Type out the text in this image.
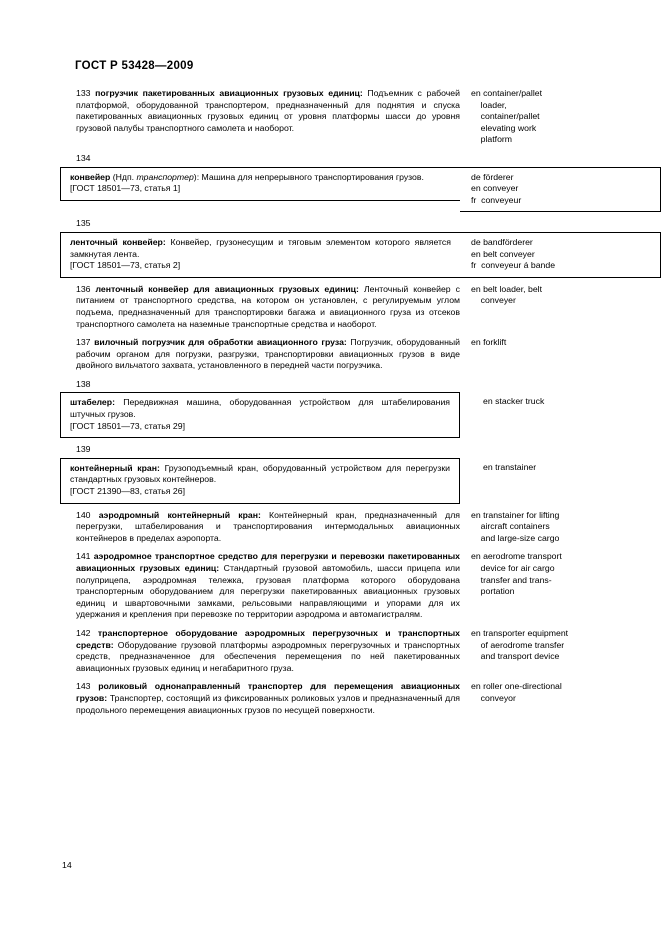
ГОСТ Р 53428—2009
133 погрузчик пакетированных авиационных грузовых единиц: Подъемник с рабочей платформой, оборудованной транспортером, предназначенный для поднятия и спуска пакетированных авиационных грузовых единиц от уровня платформы шасси до уровня грузовой палубы транспортного самолета и наоборот.
en container/pallet
loader,
container/pallet
elevating work
platform
134
конвейер (Ндп. транспортер): Машина для непрерывного транспортирования грузов.
[ГОСТ 18501—73, статья 1]
de förderer
en conveyer
fr  conveyeur
135
ленточный конвейер: Конвейер, грузонесущим и тяговым элементом которого является замкнутая лента.
[ГОСТ 18501—73, статья 2]
de bandförderer
en belt conveyer
fr  conveyeur á bande
136 ленточный конвейер для авиационных грузовых единиц: Ленточный конвейер с питанием от транспортного средства, на котором он установлен, с регулируемым углом подъема, предназначенный для транспортировки багажа и авиационного груза из отсеков транспортного самолета на наземные транспортные средства и наоборот.
en belt loader, belt
conveyer
137 вилочный погрузчик для обработки авиационного груза: Погрузчик, оборудованный рабочим органом для погрузки, разгрузки, транспортировки авиационных грузов в виде двойного вильчатого захвата, установленного в передней части погрузчика.
en forklift
138
штабелер: Передвижная машина, оборудованная устройством для штабелирования штучных грузов.
[ГОСТ 18501—73, статья 29]
en stacker truck
139
контейнерный кран: Грузоподъемный кран, оборудованный устройством для перегрузки стандартных грузовых контейнеров.
[ГОСТ 21390—83, статья 26]
en transtainer
140 аэродромный контейнерный кран: Контейнерный кран, предназначенный для перегрузки, штабелирования и транспортирования интермодальных авиационных контейнеров в пределах аэропорта.
en transtainer for lifting
aircraft containers
and large-size cargo
141 аэродромное транспортное средство для перегрузки и перевозки пакетированных авиационных грузовых единиц: Стандартный грузовой автомобиль, шасси прицепа или полуприцепа, аэродромная тележка, грузовая платформа которого оборудована транспортерным оборудованием для перегрузки пакетированных авиационных грузовых единиц и швартовочными замками, рельсовыми направляющими и упорами для их удержания и крепления при перевозке по территории аэродрома и автомагистралям.
en aerodrome transport
device for air cargo
transfer and trans-
portation
142 транспортерное оборудование аэродромных перегрузочных и транспортных средств: Оборудование грузовой платформы аэродромных перегрузочных и транспортных средств, предназначенное для обеспечения перемещения по ней пакетированных авиационных грузовых единиц и негабаритного груза.
en transporter equipment
of aerodrome transfer
and transport device
143 роликовый однонаправленный транспортер для перемещения авиационных грузов: Транспортер, состоящий из фиксированных роликовых узлов и предназначенный для продольного перемещения авиационных грузов по несущей поверхности.
en roller one-directional
conveyor
14
